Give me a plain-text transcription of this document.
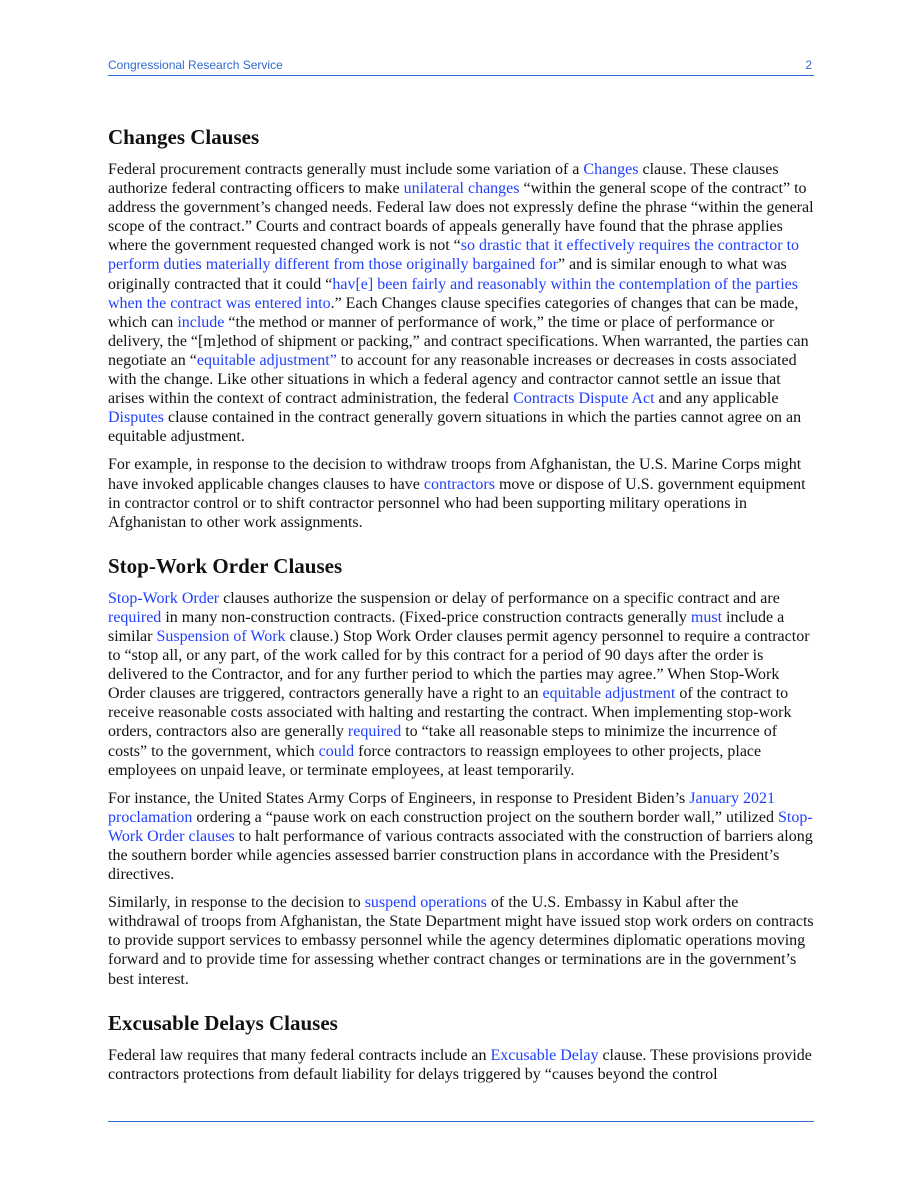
Congressional Research Service	2
Changes Clauses

Federal procurement contracts generally must include some variation of a Changes clause. These clauses authorize federal contracting officers to make unilateral changes “within the general scope of the contract” to address the government’s changed needs. Federal law does not expressly define the phrase “within the general scope of the contract.” Courts and contract boards of appeals generally have found that the phrase applies where the government requested changed work is not “so drastic that it effectively requires the contractor to perform duties materially different from those originally bargained for” and is similar enough to what was originally contracted that it could “hav[e] been fairly and reasonably within the contemplation of the parties when the contract was entered into.” Each Changes clause specifies categories of changes that can be made, which can include “the method or manner of performance of work,” the time or place of performance or delivery, the “[m]ethod of shipment or packing,” and contract specifications. When warranted, the parties can negotiate an “equitable adjustment” to account for any reasonable increases or decreases in costs associated with the change. Like other situations in which a federal agency and contractor cannot settle an issue that arises within the context of contract administration, the federal Contracts Dispute Act and any applicable Disputes clause contained in the contract generally govern situations in which the parties cannot agree on an equitable adjustment.

For example, in response to the decision to withdraw troops from Afghanistan, the U.S. Marine Corps might have invoked applicable changes clauses to have contractors move or dispose of U.S. government equipment in contractor control or to shift contractor personnel who had been supporting military operations in Afghanistan to other work assignments.

Stop-Work Order Clauses

Stop-Work Order clauses authorize the suspension or delay of performance on a specific contract and are required in many non-construction contracts. (Fixed-price construction contracts generally must include a similar Suspension of Work clause.) Stop Work Order clauses permit agency personnel to require a contractor to “stop all, or any part, of the work called for by this contract for a period of 90 days after the order is delivered to the Contractor, and for any further period to which the parties may agree.” When Stop-Work Order clauses are triggered, contractors generally have a right to an equitable adjustment of the contract to receive reasonable costs associated with halting and restarting the contract. When implementing stop-work orders, contractors also are generally required to “take all reasonable steps to minimize the incurrence of costs” to the government, which could force contractors to reassign employees to other projects, place employees on unpaid leave, or terminate employees, at least temporarily.

For instance, the United States Army Corps of Engineers, in response to President Biden’s January 2021 proclamation ordering a “pause work on each construction project on the southern border wall,” utilized Stop-Work Order clauses to halt performance of various contracts associated with the construction of barriers along the southern border while agencies assessed barrier construction plans in accordance with the President’s directives.

Similarly, in response to the decision to suspend operations of the U.S. Embassy in Kabul after the withdrawal of troops from Afghanistan, the State Department might have issued stop work orders on contracts to provide support services to embassy personnel while the agency determines diplomatic operations moving forward and to provide time for assessing whether contract changes or terminations are in the government’s best interest.

Excusable Delays Clauses

Federal law requires that many federal contracts include an Excusable Delay clause. These provisions provide contractors protections from default liability for delays triggered by “causes beyond the control
